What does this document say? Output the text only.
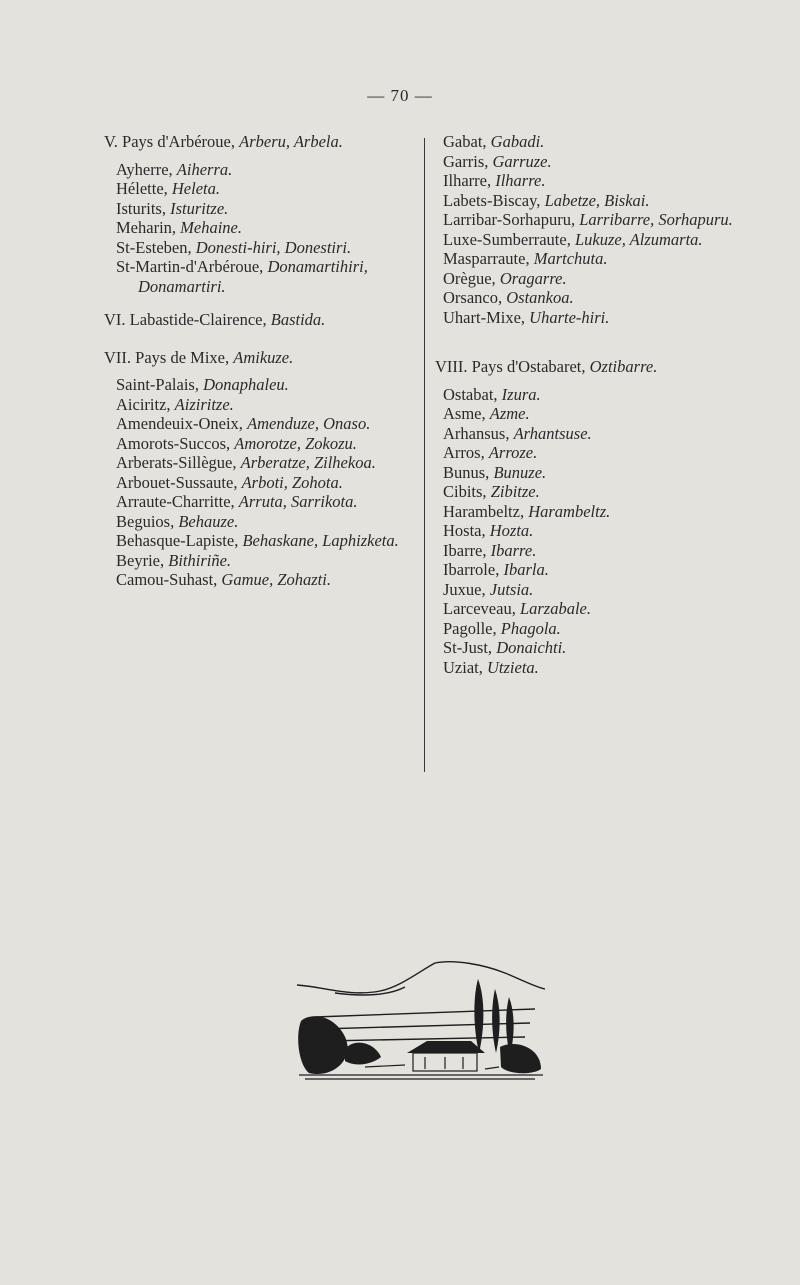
— 70 —

V. Pays d'Arbéroue, Arberu, Arbela.

Ayherre, Aiherra.

Hélette, Heleta.

Isturits, Isturitze.

Meharin, Mehaine.

St-Esteben, Donesti-hiri, Donestiri.

St-Martin-d'Arbéroue, Donamartihiri, Donamartiri.

VI. Labastide-Clairence, Bastida.

VII. Pays de Mixe, Amikuze.

Saint-Palais, Donaphaleu.

Aiciritz, Aiziritze.

Amendeuix-Oneix, Amenduze, Onaso.

Amorots-Succos, Amorotze, Zokozu.

Arberats-Sillègue, Arberatze, Zilhekoa.

Arbouet-Sussaute, Arboti, Zohota.

Arraute-Charritte, Arruta, Sarrikota.

Beguios, Behauze.

Behasque-Lapiste, Behaskane, Laphizketa.

Beyrie, Bithiriñe.

Camou-Suhast, Gamue, Zohazti.

Gabat, Gabadi.

Garris, Garruze.

Ilharre, Ilharre.

Labets-Biscay, Labetze, Biskai.

Larribar-Sorhapuru, Larribarre, Sorhapuru.

Luxe-Sumberraute, Lukuze, Alzumarta.

Masparraute, Martchuta.

Orègue, Oragarre.

Orsanco, Ostankoa.

Uhart-Mixe, Uharte-hiri.

VIII. Pays d'Ostabaret, Oztibarre.

Ostabat, Izura.

Asme, Azme.

Arhansus, Arhantsuse.

Arros, Arroze.

Bunus, Bunuze.

Cibits, Zibitze.

Harambeltz, Harambeltz.

Hosta, Hozta.

Ibarre, Ibarre.

Ibarrole, Ibarla.

Juxue, Jutsia.

Larceveau, Larzabale.

Pagolle, Phagola.

St-Just, Donaichti.

Uziat, Utzieta.
